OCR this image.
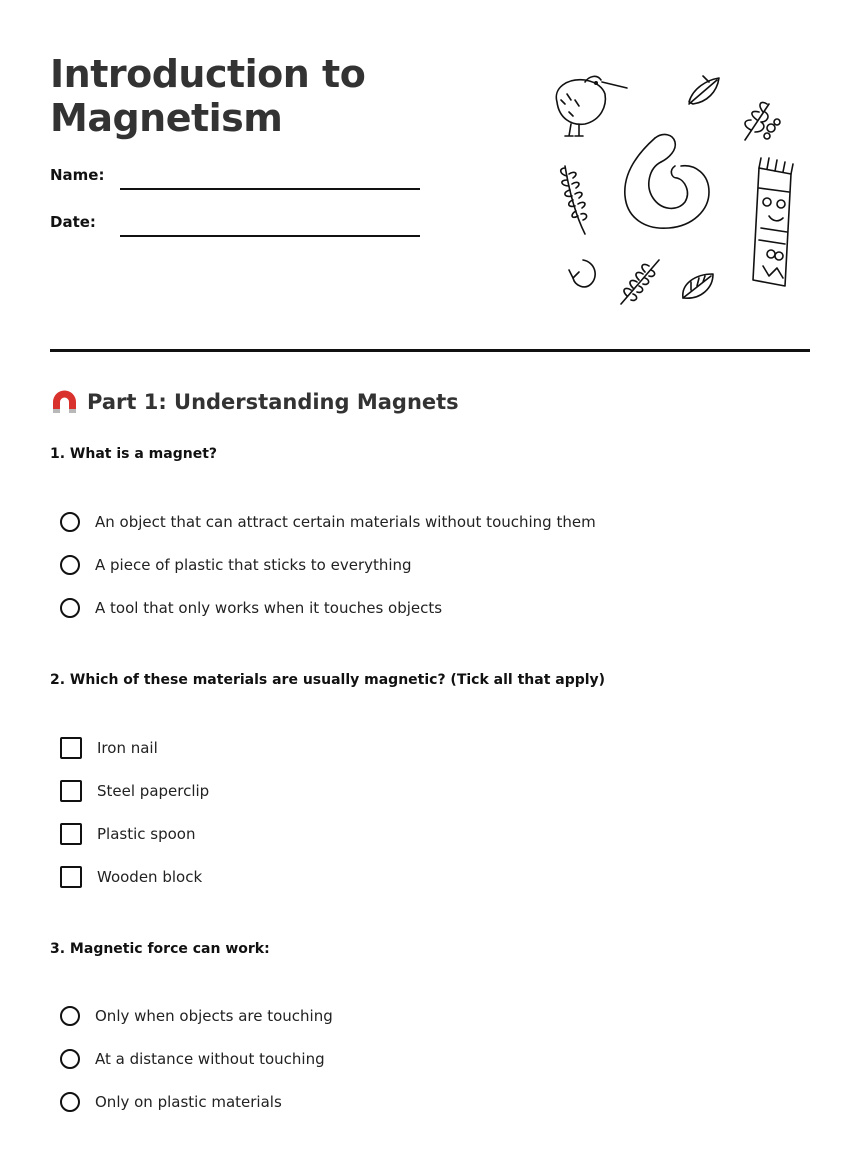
Introduction to
Magnetism
Name:
Date:
Part 1: Understanding Magnets

1. What is a magnet?

An object that can attract certain materials without touching them
A piece of plastic that sticks to everything
A tool that only works when it touches objects

2. Which of these materials are usually magnetic? (Tick all that apply)

Iron nail
Steel paperclip
Plastic spoon
Wooden block

3. Magnetic force can work:

Only when objects are touching
At a distance without touching
Only on plastic materials
